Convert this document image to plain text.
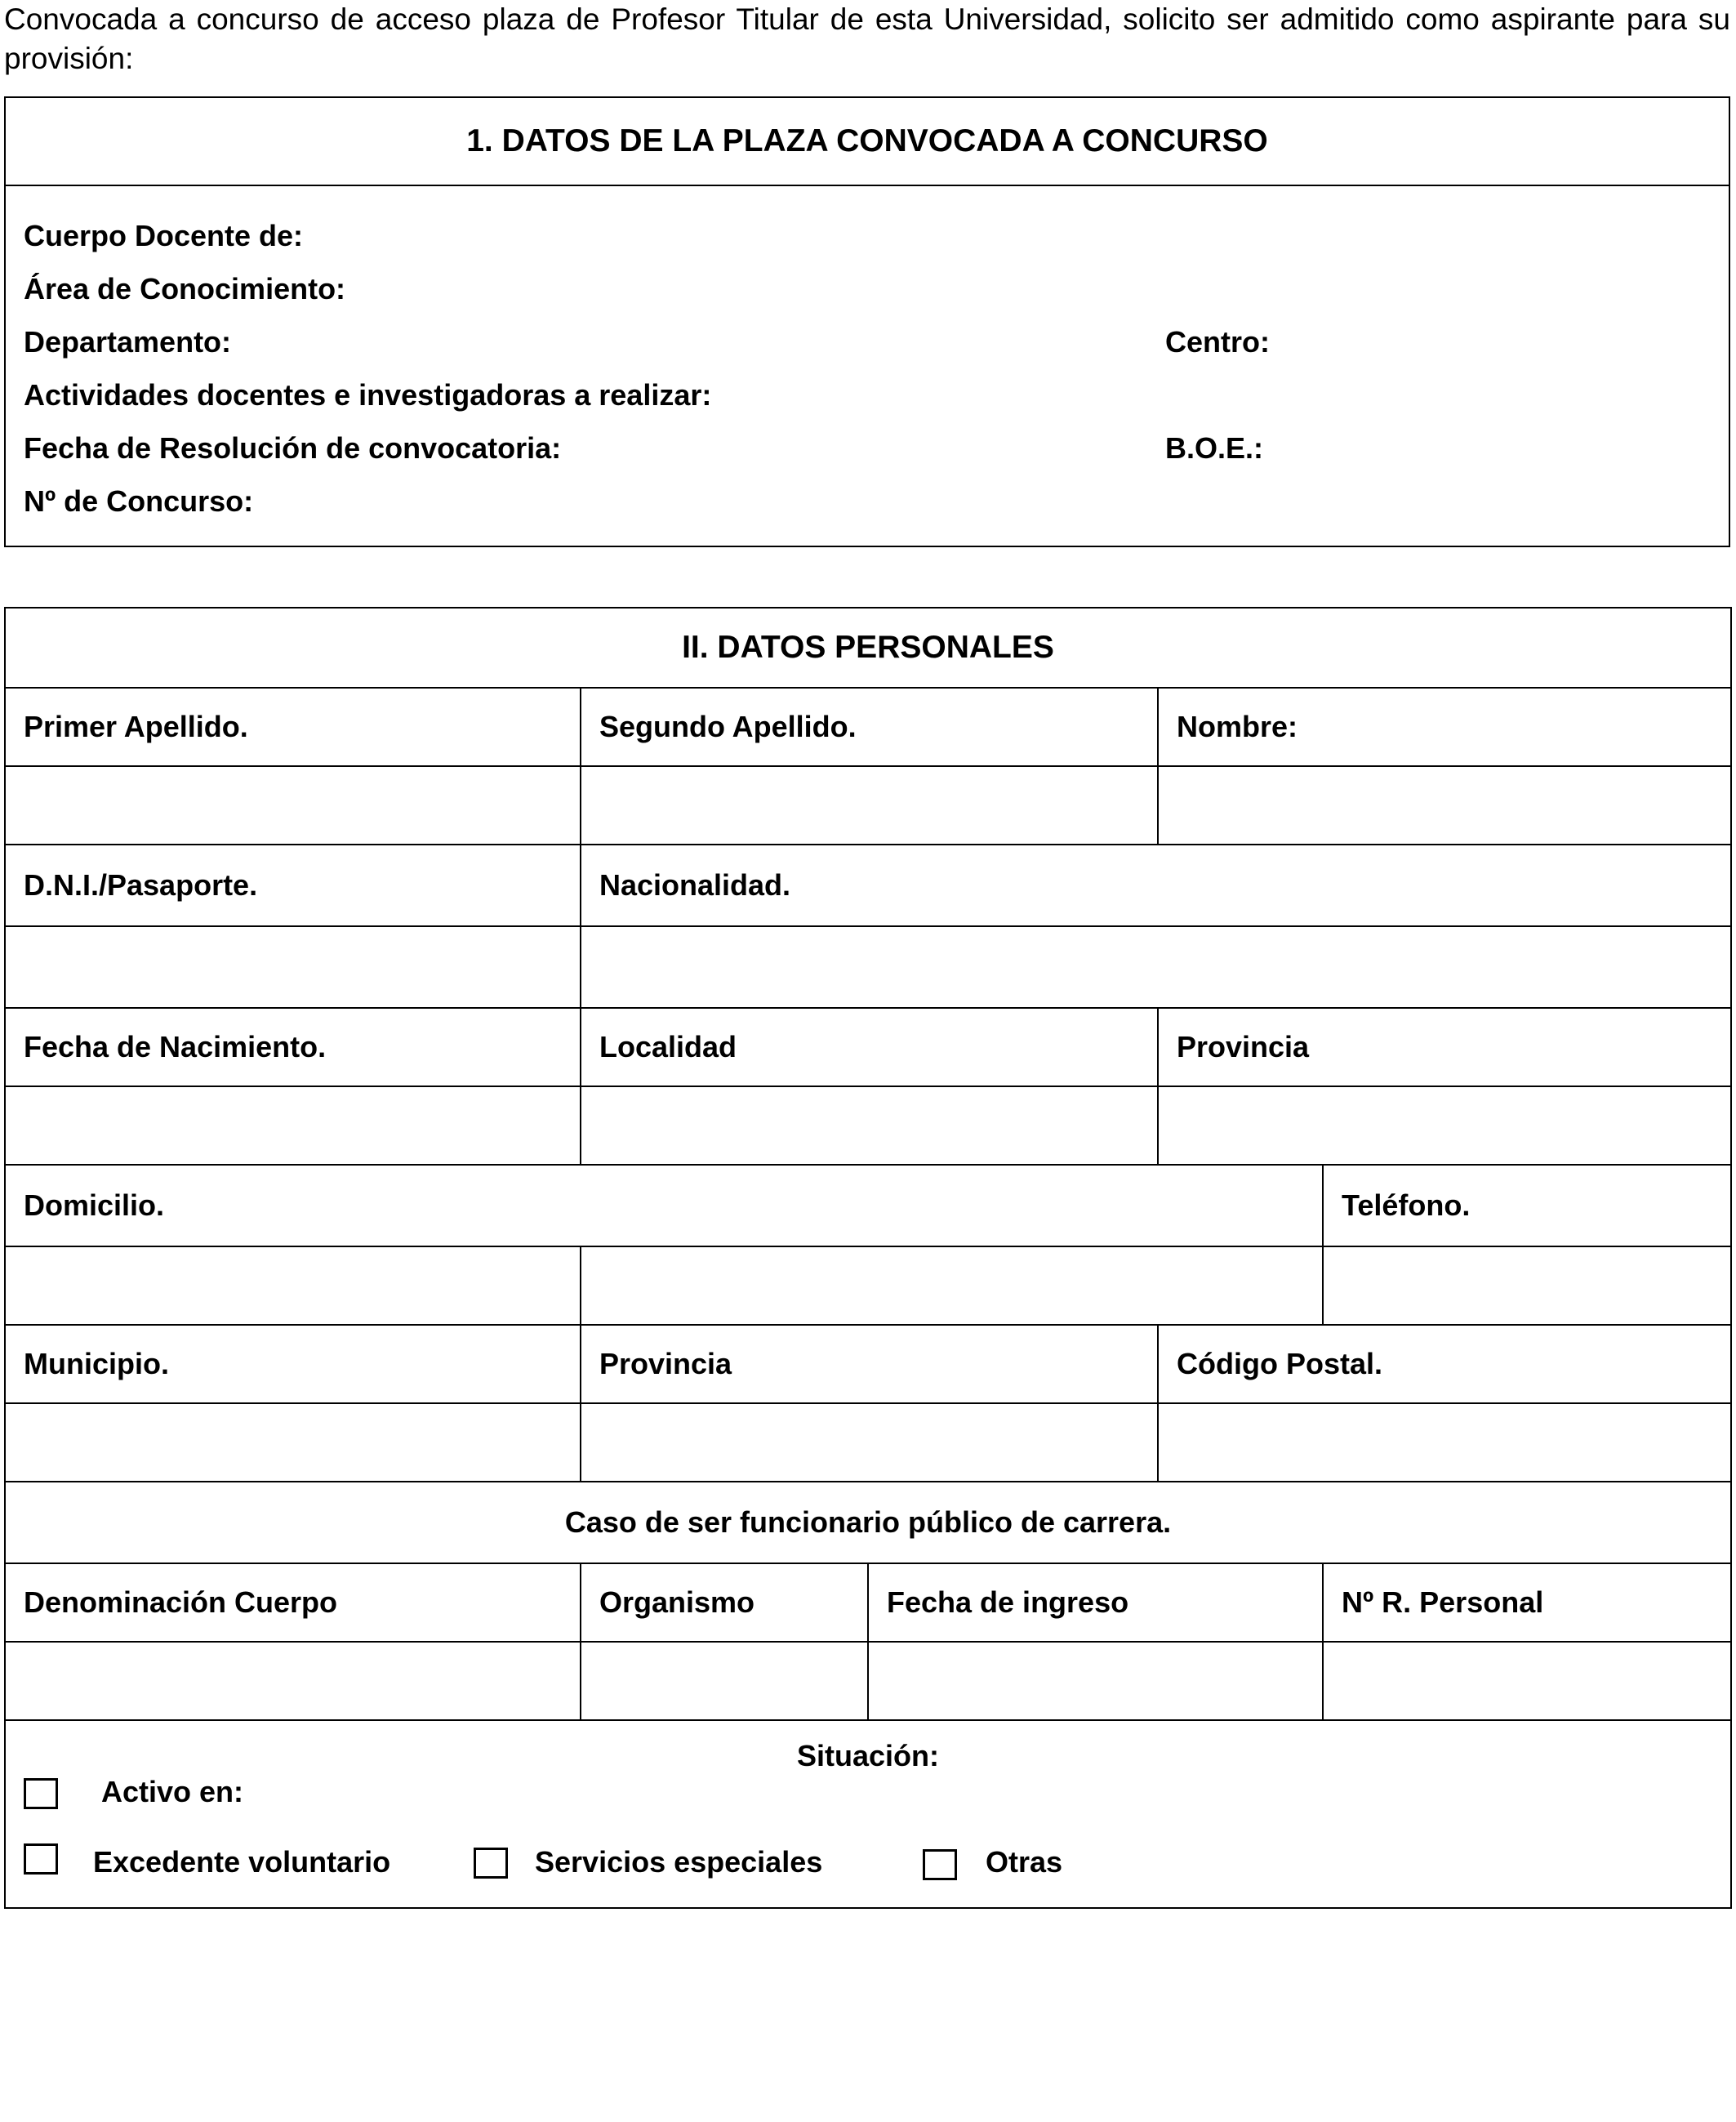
Convocada a concurso de acceso plaza de Profesor Titular de esta Universidad, solicito ser admitido como aspirante para su provisión:

1. DATOS DE LA PLAZA CONVOCADA A CONCURSO

Cuerpo Docente de:
Área de Conocimiento:
Departamento:	Centro:
Actividades docentes e investigadoras a realizar:
Fecha de Resolución de convocatoria:	B.O.E.:
Nº de Concurso:
II. DATOS PERSONALES				
Primer Apellido.	Segundo Apellido.		Nombre:	

D.N.I./Pasaporte.	Nacionalidad.			

Fecha de Nacimiento.	Localidad		Provincia	

Domicilio.				Teléfono.

Municipio.	Provincia		Código Postal.	

Caso de ser funcionario público de carrera.				
Denominación Cuerpo	Organismo	Fecha de ingreso		Nº R. Personal

Situación:
Activo en:
Excedente voluntario Servicios especiales Otras				
